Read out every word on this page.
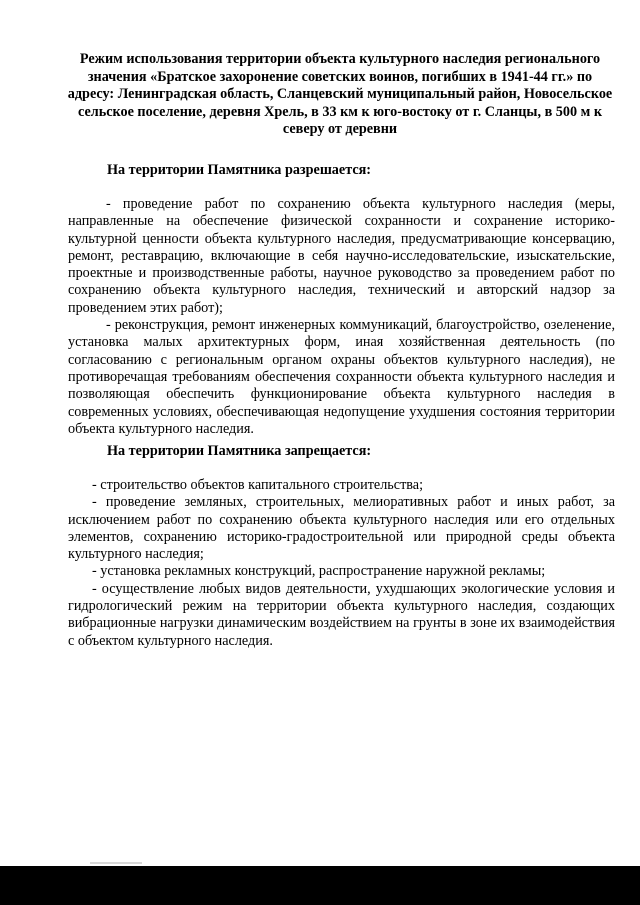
Режим использования территории объекта культурного наследия регионального значения «Братское захоронение советских воинов, погибших в 1941-44 гг.» по адресу: Ленинградская область, Сланцевский муниципальный район, Новосельское сельское поселение, деревня Хрель, в 33 км к юго-востоку от г. Сланцы, в 500 м к северу от деревни
На территории Памятника разрешается:

- проведение работ по сохранению объекта культурного наследия (меры, направленные на обеспечение физической сохранности и сохранение историко-культурной ценности объекта культурного наследия, предусматривающие консервацию, ремонт, реставрацию, включающие в себя научно-исследовательские, изыскательские, проектные и производственные работы, научное руководство за проведением работ по сохранению объекта культурного наследия, технический и авторский надзор за проведением этих работ);

- реконструкция, ремонт инженерных коммуникаций, благоустройство, озеленение, установка малых архитектурных форм, иная хозяйственная деятельность (по согласованию с региональным органом охраны объектов культурного наследия), не противоречащая требованиям обеспечения сохранности объекта культурного наследия и позволяющая обеспечить функционирование объекта культурного наследия в современных условиях, обеспечивающая недопущение ухудшения состояния территории объекта культурного наследия.

На территории Памятника запрещается:

- строительство объектов капитального строительства;

- проведение земляных, строительных, мелиоративных работ и иных работ, за исключением работ по сохранению объекта культурного наследия или его отдельных элементов, сохранению историко-градостроительной или природной среды объекта культурного наследия;

- установка рекламных конструкций, распространение наружной рекламы;

- осуществление любых видов деятельности, ухудшающих экологические условия и гидрологический режим на территории объекта культурного наследия, создающих вибрационные нагрузки динамическим воздействием на грунты в зоне их взаимодействия с объектом культурного наследия.
